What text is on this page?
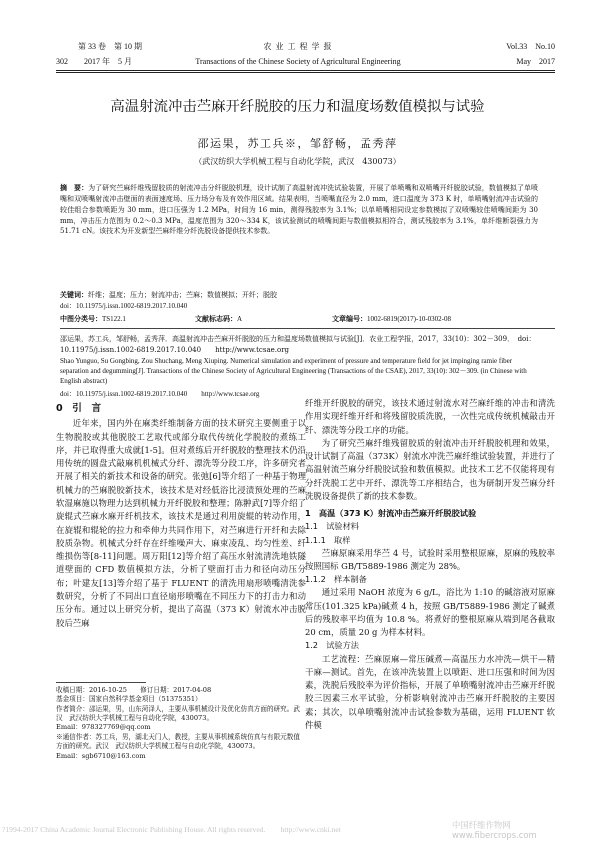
第 33 卷　第 10 期
302　　2017 年　5 月
农 业 工 程 学 报
Transactions of the Chinese Society of Agricultural Engineering
Vol.33　No.10
May　2017
高温射流冲击苎麻开纤脱胶的压力和温度场数值模拟与试验
邵运果，苏工兵※，邹舒畅，孟秀萍
（武汉纺织大学机械工程与自动化学院，武汉　430073）
摘　要：为了研究苎麻纤维残留胶质的射流冲击分纤脱胶机理，设计试制了高温射流冲洗试验装置，开展了单喷嘴和双喷嘴开纤脱胶试验，数值模拟了单喷嘴和双喷嘴射流冲击壁面的表面速度场、压力场分布及有效作用区域。结果表明，当喷嘴直径为 2.0 mm，进口温度为 373 K 时，单喷嘴射流冲击试验的较佳组合参数喷距为 30 mm，进口压强为 1.2 MPa，时间为 16 min，测得残胶率为 3.1%；以单喷嘴相同设定参数模拟了双喷嘴较佳喷嘴间距为 30 mm，冲击压力范围为 0.2～0.3 MPa，温度范围为 320～334 K，该试验测试的喷嘴间距与数值模拟相符合，测试残胶率为 3.1%，单纤维断裂强力为 51.71 cN。该技术为开发新型苎麻纤维分纤洗脱设备提供技术参数。
关键词：纤维；温度；压力；射流冲击；苎麻；数值模拟；开纤；脱胶
doi：10.11975/j.issn.1002-6819.2017.10.040
中图分类号：TS122.1	文献标志码：A	文章编号：1002-6819(2017)-10-0302-08
邵运果，苏工兵，邹舒畅，孟秀萍．高温射流冲击苎麻开纤脱胶的压力和温度场数值模拟与试验[J]．农业工程学报，2017，33(10)：302－309．　doi：10.11975/j.issn.1002-6819.2017.10.040　　http://www.tcsae.org
Shao Yunguo, Su Gongbing, Zou Shuchang, Meng Xiuping. Numerical simulation and experiment of pressure and temperature field for jet impinging ramie fiber separation and degumming[J]. Transactions of the Chinese Society of Agricultural Engineering (Transactions of the CSAE), 2017, 33(10): 302－309. (in Chinese with English abstract)
doi：10.11975/j.issn.1002-6819.2017.10.040　　http://www.tcsae.org
0　引　言

近年来，国内外在麻类纤维制备方面的技术研究主要侧重于以生物脱胶或其他脱胶工艺取代或部分取代传统化学脱胶的煮练工序，并已取得重大成就[1-5]。但对煮练后开纤脱胶的整理技术仍沿用传统的圆盘式敲麻机机械式分纤、漂洗等分段工序，许多研究者开展了相关的新技术和设备的研究。张弛[6]等介绍了一种基于物理机械力的苎麻脱胶新技术，该技术是对经低浴比浸渍预处理的苎麻软湿麻施以物理力达到机械力开纤脱胶和整理；陈翀武[7]等介绍了旋辊式苎麻水麻开纤机技术，该技术是通过利用旋辊的转动作用，在旋辊和辊轮的拉力和牵伸力共同作用下，对苎麻进行开纤和去除胶质杂物。机械式分纤存在纤维噪声大、麻束凌乱、均匀性差、纤维损伤等[8-11]问题。周万阳[12]等介绍了高压水射流清洗地铁隧道壁面的 CFD 数值模拟方法，分析了壁面打击力和径向动压分布；叶建友[13]等介绍了基于 FLUENT 的清洗用扇形喷嘴清洗参数研究，分析了不同出口直径扇形喷嘴在不同压力下的打击力和动压分布。通过以上研究分析，提出了高温（373 K）射流水冲击脱胶后苎麻

收稿日期：2016-10-25　　修订日期：2017-04-08

基金项目：国家自然科学基金项目（51375351）

作者简介：邵运果，男，山东菏泽人，主要从事机械设计及优化仿真方面的研究。武汉　武汉纺织大学机械工程与自动化学院，430073。

Email：978327769@qq.com

※通信作者：苏工兵，男，湖北天门人，教授，主要从事机械系统仿真与有限元数值方面的研究。武汉　武汉纺织大学机械工程与自动化学院，430073。

Email：sgb6710@163.com

纤维开纤脱胶的研究，该技术通过射流水对苎麻纤维的冲击和清洗作用实现纤维开纤和将残留胶质洗脱，一次性完成传统机械敲击开纤、漂洗等分段工序的功能。

为了研究苎麻纤维残留胶质的射流冲击开纤脱胶机理和效果，设计试制了高温（373K）射流水冲洗苎麻纤维试验装置，并进行了高温射流苎麻分纤脱胶试验和数值模拟。此技术工艺不仅能将现有分纤洗脱工艺中开纤、漂洗等工序相结合，也为研制开发苎麻分纤洗脱设备提供了新的技术参数。

1　高温（373 K）射流冲击苎麻开纤脱胶试验
1.1　试验材料
1.1.1　取样

苎麻原麻采用华苎 4 号，试验时采用整根原麻，原麻的残胶率按照国标 GB/T5889-1986 测定为 28%。

1.1.2　样本制备

通过采用 NaOH 浓度为 6 g/L，浴比为 1:10 的碱溶液对原麻常压(101.325 kPa)碱煮 4 h，按照 GB/T5889-1986 测定了碱煮后的残胶率平均值为 10.8 %。将煮好的整根原麻从端到尾各截取 20 cm，质量 20 g 为样本材料。

1.2　试验方法

工艺流程：苎麻原麻—常压碱煮—高温压力水冲洗—烘干—精干麻—测试。首先，在该冲洗装置上以喷距、进口压强和时间为因素，洗脱后残胶率为评价指标，开展了单喷嘴射流冲击苎麻开纤脱胶三因素三水平试验，分析影响射流冲击苎麻开纤脱胶的主要因素；其次，以单喷嘴射流冲击试验参数为基础，运用 FLUENT 软件模

?1994-2017 China Academic Journal Electronic Publishing House. All rights reserved.　　http://www.cnki.net	中国纤维作物网 www.fibercrops.com
